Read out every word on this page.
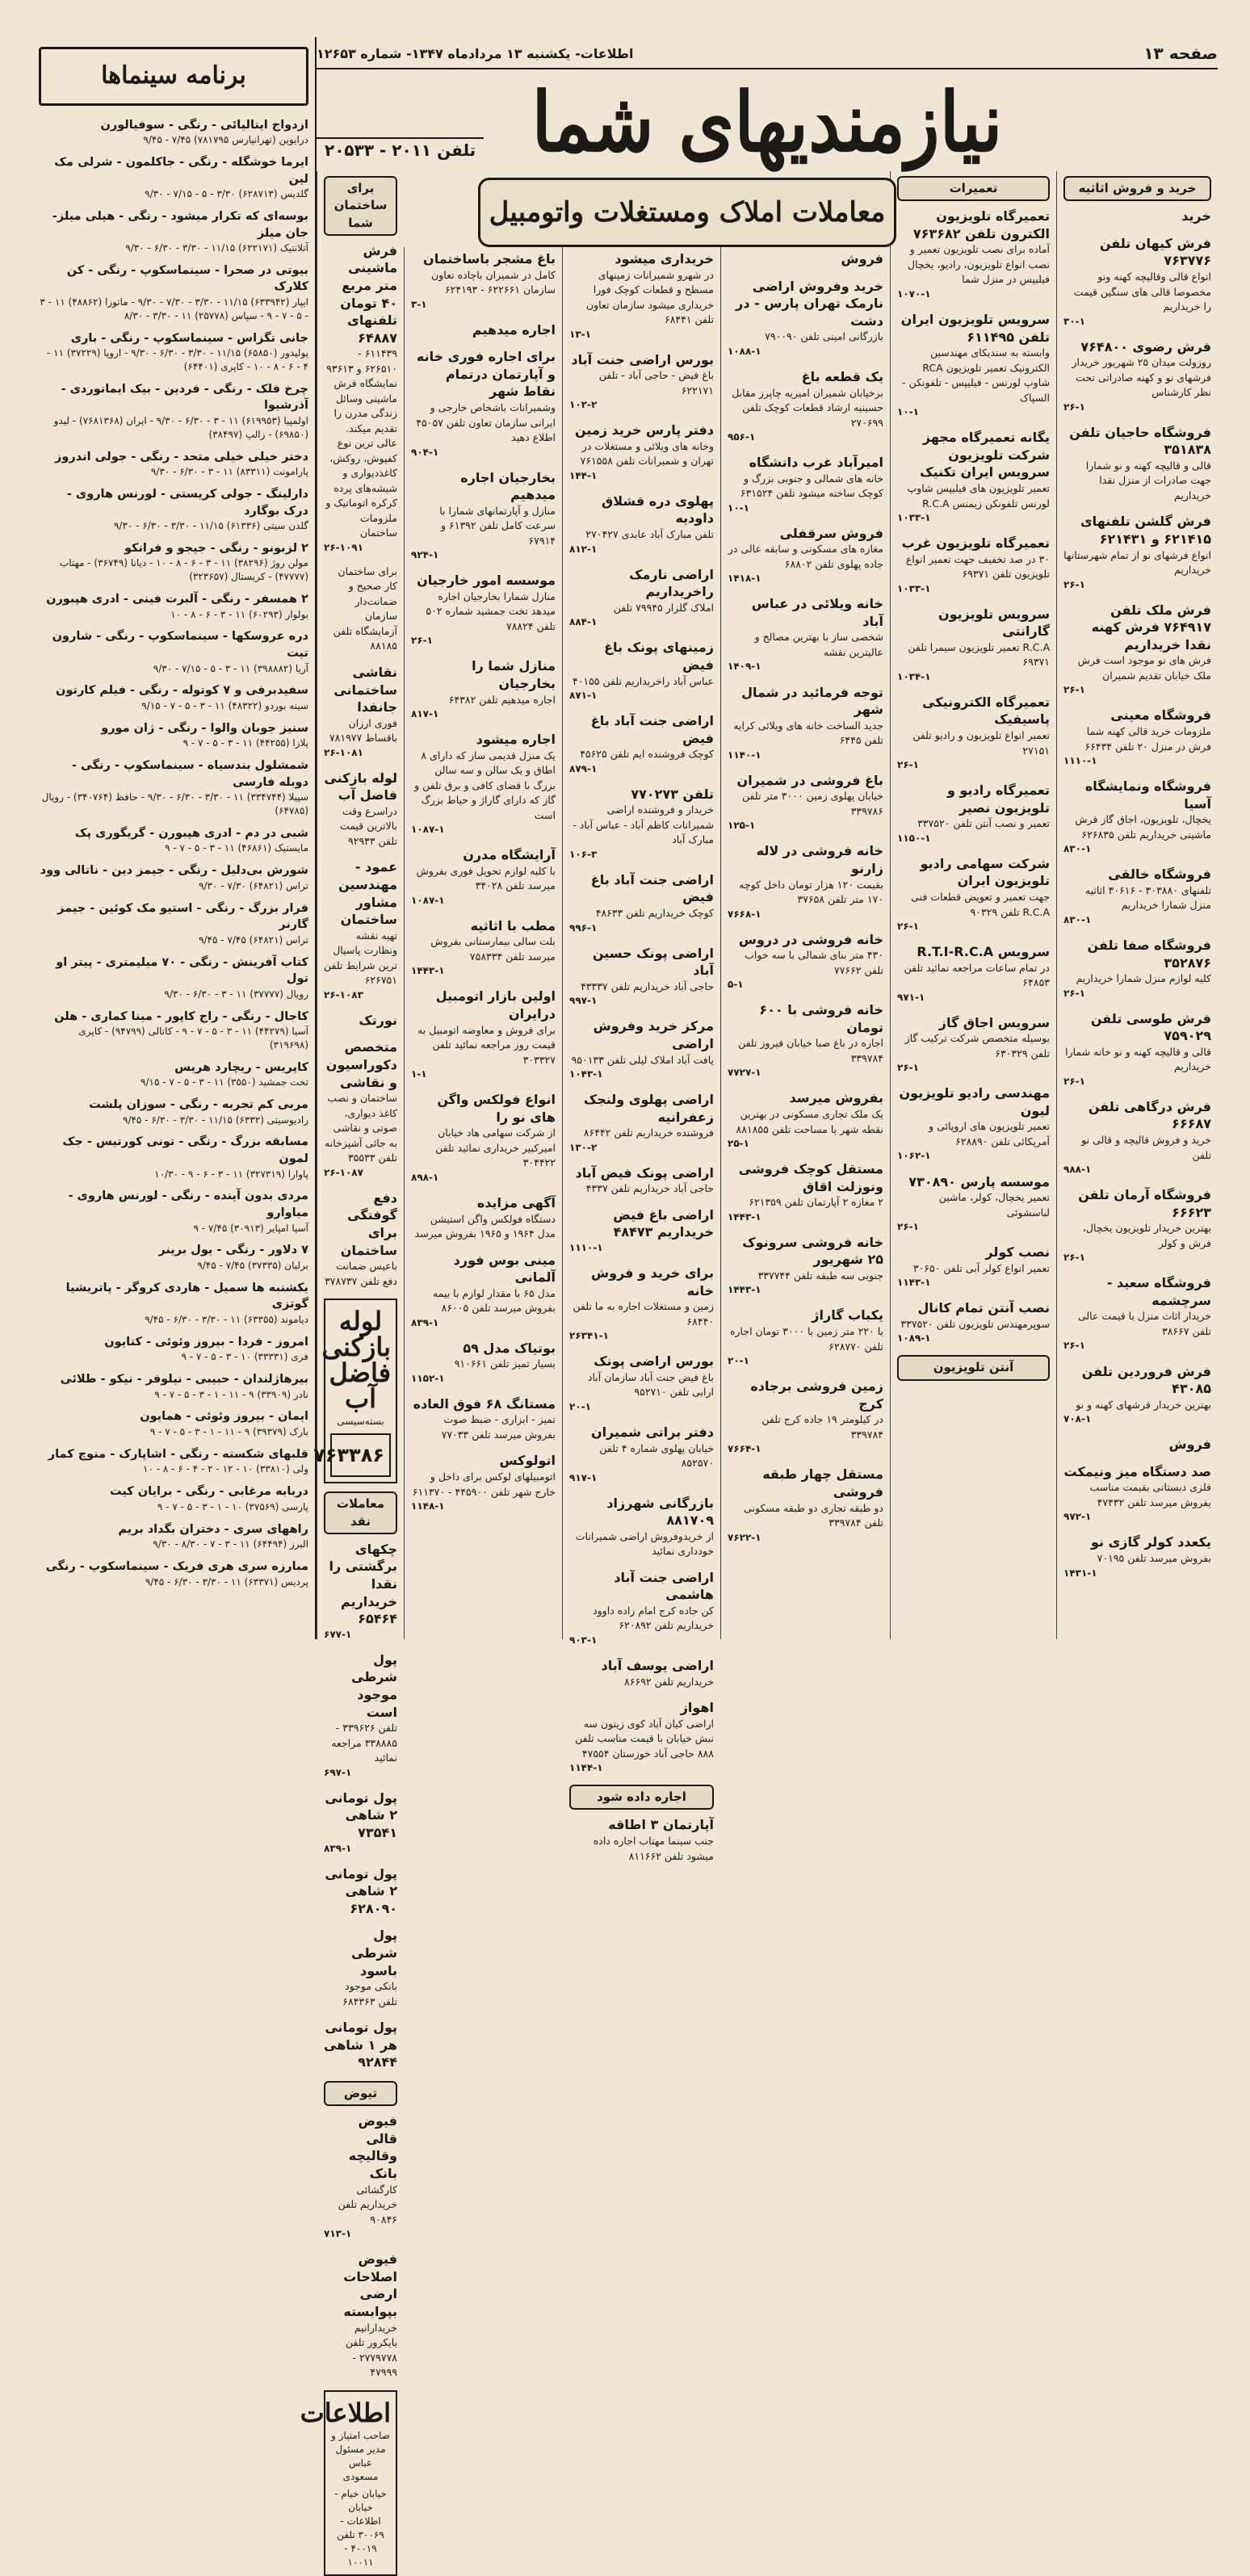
صفحه ۱۳
اطلاعات- یکشنبه ۱۳ مردادماه ۱۳۴۷- شماره ۱۲۶۵۳
نیازمندیهای شما
تلفن ۲۰۱۱ - ۲۰۵۳۳
معاملات املاک ومستغلات واتومبیل
خرید و فروش اثاثیه
خرید
فرش کیهان تلفن ۷۶۳۷۷۶
انواع قالی وقالیچه کهنه ونو مخصوصا قالی های سنگین قیمت را خریداریم
۳۰-۱
فرش رضوی ۷۶۴۸۰۰
روزولت میدان ۲۵ شهریور خریدار فرشهای نو و کهنه صادراتی تحت نظر کارشناس
۲۶-۱
فروشگاه حاجیان تلفن ۳۵۱۸۳۸
قالی و قالیچه کهنه و نو شمارا جهت صادرات از منزل نقدا خریداریم
فرش گلشن تلفنهای ۶۲۱۴۱۵ و ۶۲۱۴۳۱
انواع فرشهای نو از تمام شهرستانها خریداریم
۲۶-۱
فرش ملک تلفن ۷۶۴۹۱۷ فرش کهنه نقدا خریداریم
فرش های نو موجود است فرش ملک خیابان تقدیم شمیران
۲۶-۱
فروشگاه معینی
ملزومات خرید قالی کهنه شما فرش در منزل ۲۰ تلفن ۶۶۴۳۴
۱۱۱۰-۱
فروشگاه ونمایشگاه آسیا
یخچال، تلویزیون، اجاق گاز فرش ماشینی خریداریم تلفن ۶۲۶۸۳۵
۸۳۰-۱
فروشگاه خالقی
تلفنهای ۳۰۳۸۸۰ - ۳۰۶۱۶ اثاثیه منزل شمارا خریداریم
۸۳۰-۱
فروشگاه صفا تلفن ۳۵۲۸۷۶
کلیه لوازم منزل شمارا خریداریم
۲۶-۱
فرش طوسی تلفن ۷۵۹۰۲۹
قالی و قالیچه کهنه و نو خانه شمارا خریداریم
۲۶-۱
فرش درگاهی تلفن ۶۶۶۸۷
خرید و فروش قالیچه و قالی نو تلفن
۹۸۸-۱
فروشگاه آرمان تلفن ۶۶۶۲۳
بهترین خریدار تلویزیون یخچال، فرش و کولر
۲۶-۱
فروشگاه سعید - سرچشمه
خریدار اثاث منزل با قیمت عالی تلفن ۳۸۶۶۷
۲۶-۱
فرش فروردین تلفن ۴۳۰۸۵
بهترین خریدار فرشهای کهنه و نو
۷۰۸-۱
فروش
صد دستگاه میز ونیمکت
فلزی دبستانی بقیمت مناسب بفروش میرسد تلفن ۴۷۴۳۲
۹۷۲-۱
یکعدد کولر گازی نو
بفروش میرسد تلفن ۷۰۱۹۵
۱۴۳۱-۱
تعمیرات
تعمیرگاه تلویزیون الکترون تلفن ۷۶۳۶۸۲
آماده برای نصب تلویزیون تعمیر و نصب انواع تلویزیون، رادیو، یخچال فیلیپس در منزل شما
۱۰۷۰-۱
سرویس تلویزیون ایران تلفن ۶۱۱۴۹۵
وابسته به سندیکای مهندسین الکترونیک تعمیر تلویزیون RCA شاوپ لورنس - فیلیپس - تلفونکن - السپاک
۱۰-۱
یگانه تعمیرگاه مجهز شرکت تلویزیون سرویس ایران تکنیک
تعمیر تلویزیون های فیلیپس شاوپ لورنس تلفونکن زیمنس R.C.A
۱۰۳۳-۱
تعمیرگاه تلویزیون غرب
۳۰ در صد تخفیف جهت تعمیر انواع تلویزیون تلفن ۶۹۳۷۱
۱۰۳۳-۱
سرویس تلویزیون گارانتی
R.C.A تعمیر تلویزیون سیمرا تلفن ۶۹۳۷۱
۱۰۳۴-۱
تعمیرگاه الکترونیکی پاسیفیک
تعمیر انواع تلویزیون و رادیو تلفن ۲۷۱۵۱
۲۶-۱
تعمیرگاه رادیو و تلویزیون نصیر
تعمیر و نصب آنتن تلفن ۳۳۷۵۲۰
۱۱۵۰-۱
شرکت سهامی رادیو تلویزیون ایران
جهت تعمیر و تعویض قطعات فنی R.C.A تلفن ۹۰۳۲۹
۲۶-۱
سرویس R.T.I-R.C.A
در تمام ساعات مراجعه نمائید تلفن ۶۴۸۵۳
۹۷۱-۱
سرویس اجاق گاز
بوسیله متخصص شرکت ترکیب گاز تلفن ۶۳۰۳۲۹
۲۶-۱
مهندسی رادیو تلویزیون لیون
تعمیر تلویزیون های اروپائی و آمریکائی تلفن ۶۲۸۸۹۰
۱۰۶۲-۱
موسسه پارس ۷۳۰۸۹۰
تعمیر یخچال، کولر، ماشین لباسشوئی
۲۶-۱
نصب کولر
تعمیر انواع کولر آبی تلفن ۳۰۶۵۰
۱۱۴۳-۱
نصب آنتن تمام کانال
سوپرمهندس تلویزیون تلفن ۳۳۷۵۲۰
۱۰۸۹-۱
آنتن تلویزیون
فروش
خرید وفروش اراضی نارمک تهران پارس - در دشت
بازرگانی امینی تلفن ۷۹۰۰۹۰
۱۰۸۸-۱
یک قطعه باغ
برخیابان شمیران امیریه چاپرز مقابل حسینیه ارشاد قطعات کوچک تلفن ۲۷۰۶۹۹
۹۵۶-۱
امیرآباد غرب دانشگاه
خانه های شمالی و جنوبی بزرگ و کوچک ساخته میشود تلفن ۶۳۱۵۲۴
۱۰-۱
فروش سرقفلی
مغازه های مسکونی و سابقه عالی در جاده پهلوی تلفن ۶۸۸۰۲
۱۴۱۸-۱
خانه ویلائی در عباس آباد
شخصی ساز با بهترین مصالح و عالیترین نقشه
۱۴۰۹-۱
توجه فرمائید در شمال شهر
جدید الساخت خانه های ویلائی کرایه تلفن ۶۴۴۵
۱۱۴۰-۱
باغ فروشی در شمیران
خیابان پهلوی زمین ۳۰۰۰ متر تلفن ۳۳۹۷۸۶
۱۲۵-۱
خانه فروشی در لاله زارنو
بقیمت ۱۲۰ هزار تومان داخل کوچه ۱۷۰ متر تلفن ۳۷۶۵۸
۷۶۶۸-۱
خانه فروشی در دروس
۴۳۰ متر بنای شمالی با سه خواب تلفن ۷۷۶۶۲
۵-۱
خانه فروشی با ۶۰۰ تومان
اجاره در باغ صبا خیابان فیروز تلفن ۳۳۹۷۸۴
۷۷۲۷-۱
بفروش میرسد
یک ملک تجاری مسکونی در بهترین نقطه شهر با مساحت تلفن ۸۸۱۸۵۵
۲۵-۱
مستقل کوچک فروشی ونوزلت اقاق
۲ مغازه ۲ آپارتمان تلفن ۶۲۱۳۵۹
۱۴۴۳-۱
خانه فروشی سرونوک ۲۵ شهریور
جنوبی سه طبقه تلفن ۳۳۷۷۴۴
۱۴۴۳-۱
یکباب گاراژ
با ۲۲۰ متر زمین با ۳۰۰۰ تومان اجاره تلفن ۶۲۸۷۷۰
۲۰-۱
زمین فروشی برجاده کرج
در کیلومتر ۱۹ جاده کرج تلفن ۳۳۹۷۸۴
۷۶۶۴-۱
مستقل چهار طبقه فروشی
دو طبقه تجاری دو طبقه مسکونی تلفن ۳۳۹۷۸۴
۷۶۲۲-۱
خریداری میشود
در شهرو شمیرانات زمینهای مسطح و قطعات کوچک فورا خریداری میشود سازمان تعاون تلفن ۶۸۴۴۱
۱۳-۱
بورس اراضی جنت آباد
باغ فیض - حاجی آباد - تلفن ۶۲۲۱۷۱
۱۰۲-۲
دفتر پارس خرید زمین
وخانه های ویلائی و مستغلات در تهران و شمیرانات تلفن ۷۶۱۵۵۸
۱۴۴-۱
پهلوی دره قشلاق داودیه
تلفن مبارک آباد عابدی ۲۷۰۴۲۷
۸۱۲-۱
اراضی نارمک راخریداریم
املاک گلزار ۷۹۹۴۵ تلفن
۸۸۴-۱
زمینهای پونک باغ فیض
عباس آباد راخریداریم تلفن ۴۰۱۵۵
۸۷۱-۱
اراضی جنت آباد باغ فیض
کوچک فروشنده ایم تلفن ۴۵۶۲۵
۸۷۹-۱
تلفن ۷۷۰۲۷۳
خریدار و فروشنده اراضی شمیرانات کاظم آباد - عباس آباد - مبارک آباد
۱۰۶-۳
اراضی جنت آباد باغ فیض
کوچک خریداریم تلفن ۴۸۶۳۳
۹۹۶-۱
اراضی پونک حسین آباد
حاجی آباد خریداریم تلفن ۴۳۳۳۷
۹۹۷-۱
مرکز خرید وفروش اراضی
یافت آباد املاک لیلی تلفن ۹۵۰۱۳۳
۱۰۴۳-۱
اراضی پهلوی ولنجک زعفرانیه
فروشنده خریداریم تلفن ۸۶۴۴۲
۱۳۰-۲
اراضی پونک فیض آباد
حاجی آباد خریداریم تلفن ۴۳۳۷
اراضی باغ فیض خریداریم ۴۸۴۷۳
۱۱۱۰-۱
برای خرید و فروش خانه
زمین و مستغلات اجاره به ما تلفن ۶۸۴۴۰
۲۶۳۴۱-۱
بورس اراضی پونک
باغ فیض جنت آباد سازمان آباد ارابی تلفن ۹۵۲۷۱۰
۲۰-۱
دفتر براتی شمیران
خیابان پهلوی شماره ۴ تلفن ۸۵۲۵۷۰
۹۱۷-۱
بازرگانی شهرزاد ۸۸۱۷۰۹
از خریدوفروش اراضی شمیرانات خودداری نمائید
اراضی جنت آباد هاشمی
کن جاده کرج امام زاده داوود خریداریم تلفن ۶۲۰۸۹۲
۹۰۳-۱
اراضی یوسف آباد
خریداریم تلفن ۸۶۶۹۲
اهواز
اراضی کیان آباد کوی زیتون سه نبش خیابان با قیمت مناسب تلفن ۸۸۸ حاجی آباد خوزستان ۴۷۵۵۴
۱۱۴۴-۱
اجاره داده شود
آپارتمان ۳ اطاقه
جنب سینما مهتاب اجاره داده میشود تلفن ۸۱۱۶۶۲
باغ مشجر باساختمان
کامل در شمیران باچاده تعاون سازمان ۶۲۲۶۶۱ - ۶۲۴۱۹۳
۳-۱
اجاره میدهیم
برای اجاره فوری خانه و آپارتمان درتمام نقاط شهر
وشمیرانات باشخاص خارجی و ایرانی سازمان تعاون تلفن ۴۵۰۵۷ اطلاع دهید
۹۰۴-۱
بخارجیان اجاره میدهیم
منازل و آپارتمانهای شمارا با سرعت کامل تلفن ۶۱۳۹۲ و ۶۷۹۱۴
۹۲۴-۱
موسسه امور خارجیان
منازل شمارا بخارجیان اجاره میدهد تخت جمشید شماره ۵۰۲ تلفن ۷۸۸۲۴
۲۶-۱
منازل شما را بخارجیان
اجاره میدهیم تلفن ۶۴۳۸۲
۸۱۷-۱
اجاره میشود
یک منزل قدیمی ساز که دارای ۸ اطاق و یک سالن و سه سالن بزرگ با فضای کافی و برق تلفن و گاز که دارای گاراژ و حیاط بزرگ است
۱۰۸۷-۱
آرایشگاه مدرن
با کلیه لوازم تحویل فوری بفروش میرسد تلفن ۳۴۰۲۸
۱۰۸۷-۱
مطب با اثاثیه
بلت سالی بیمارستانی بفروش میرسد تلفن ۷۵۸۳۳۴
۱۴۴۳-۱
اولین بازار اتومبیل درایران
برای فروش و معاوضه اتومبیل به قیمت روز مراجعه نمائید تلفن ۳۰۳۳۲۷
۱-۱
انواع فولکس واگن های نو را
از شرکت سهامی هاد خیابان امیرکبیر خریداری نمائید تلفن ۳۰۴۴۲۲
۸۹۸-۱
آگهی مزایده
دستگاه فولکس واگن استیشن مدل ۱۹۶۴ و ۱۹۶۵ بفروش میرسد
مینی بوس فورد آلمانی
مدل ۶۵ با مقدار لوازم با بیمه بفروش میرسد تلفن ۸۶۰۰۵
۸۳۹-۱
بوتیاک مدل ۵۹
بسیار تمیز تلفن ۹۱۰۶۶۱
۱۱۵۲-۱
مستانگ ۶۸ فوق العاده
تمیز - ابزاری - ضبط صوت بفروش میرسد تلفن ۷۷۰۳۳
اتولوکس
اتومبیلهای لوکس برای داخل و خارج شهر تلفن ۴۴۵۹۰۰ - ۶۱۱۳۷۰
۱۱۴۸-۱
برای ساختمان شما
فرش ماشینی متر مربع ۴۰ تومان تلفنهای ۶۴۸۸۷
۶۱۱۴۳۹ - ۶۲۶۵۱۰ و ۹۳۶۱۳ نمایشگاه فرش ماشینی وسائل زندگی مدرن را تقدیم میکند. عالی ترین نوع کفپوش، روکش، کاغذدیواری و شیشه‌های پرده کرکره اتوماتیک و ملزومات ساختمان
۲۶-۱۰۹۱
برای ساختمان کار صحیح و ضمانت‌دار سازمان آزمایشگاه تلفن ۸۸۱۸۵
نقاشی ساختمانی جانفدا
فوری ارزان باقساط ۷۸۱۹۷۷
۲۶-۱۰۸۱
لوله بازکنی فاضل آب
دراسرع وقت بالاترین قیمت تلفن ۹۲۹۳۳
عمود - مهندسین مشاور ساختمان
تهیه نقشه ونظارت پاسیال ترین شرایط تلفن ۶۲۶۷۵۱
۲۶-۱۰۸۳
نورتک
متخصص دکوراسیون و نقاشی
ساختمان و نصب کاغذ دیواری، صوتی و نقاشی به جائی آشپزخانه تلفن ۳۵۵۳۳
۲۶-۱۰۸۷
دفع گوفتگی برای ساختمان
باعیس ضمانت دفع تلفن ۳۷۸۷۳۷
لوله بازکنی فاضل آب
بسته‌سیسی
۷۶۳۳۸۶
معاملات نقد
چکهای برگشتی را نقدا خریداریم ۶۵۴۶۴
۶۷۷-۱
پول شرطی موجود است
تلفن ۳۳۹۶۲۶ - ۳۳۸۸۸۵ مراجعه نمائید
۶۹۷-۱
پول تومانی ۲ شاهی ۷۳۵۴۱
۸۳۹-۱
پول تومانی ۲ شاهی ۶۲۸۰۹۰
پول شرطی باسود
بانکی موجود تلفن ۶۸۴۳۶۳
پول تومانی هر ۱ شاهی ۹۲۸۴۴
تیوض
فیوض قالی وقالیچه بانک
کارگشائی خریداریم تلفن ۹۰۸۴۶
۷۱۳-۱
فیوض اصلاحات ارضی بپوابسته
خریدارانیم بایکرور تلفن ۲۷۷۹۷۷۸ - ۴۷۹۹۹
اطلاعات
صاحب امتیاز و مدیر مسئول عباس مسعودی
خیابان خیام - خیابان اطلاعات - ۳۰۰۶۹ تلفن ۴۰۰۱۹ - ۱۰۰۱۱
برنامه سینماها
ازدواج ایتالیائی - رنگی - سوفیالورن
درایوین (تهرانپارس ۷۸۱۷۹۵) ۷/۴۵ - ۹/۴۵
ایرما خوشگله - رنگی - جاکلمون - شرلی مک لین
گلدیس (۶۲۸۷۱۳) ۳/۳۰ - ۵ - ۷/۱۵ - ۹/۳۰
بوسه‌ای که تکرار میشود - رنگی - هیلی میلز- جان میلز
آتلانتیک (۶۲۲۱۷۱) ۱۱/۱۵ - ۳/۳۰ - ۶/۳۰ - ۹/۳۰
بیوتی در صحرا - سینماسکوپ - رنگی - کن کلارک
ایپار (۶۳۳۹۴۲) ۱۱/۱۵ - ۳/۳۰ - ۷/۳۰ - ۹/۳۰ - ماتوزا (۴۸۸۶۲) ۱۱ - ۳ - ۵ - ۷ - ۹ - سپاس (۲۵۷۷۸) ۱۱ - ۳/۳۰ - ۸/۳۰
جانی تگزاس - سینماسکوپ - رنگی - باری
پولیدور (۶۵۸۵۰) ۱۱/۱۵ - ۳/۳۰ - ۶/۳۰ - ۹/۳۰ - اروپا (۳۷۲۲۹) ۱۱ - ۴ - ۶ - ۸ - ۱۰ - کاپری (۶۴۴۰۱)
چرخ فلک - رنگی - فردین - بیک ایمانوردی - آذرشیوا
اولمپیا (۶۱۹۹۵۳) ۱۱ - ۳ - ۶/۳۰ - ۹/۳۰ - ایران (۷۶۸۱۳۶۸) - لیدو (۶۹۸۵۰) - زالپ (۳۸۴۹۷)
دختر خیلی خیلی متحد - رنگی - جولی اندروز
پارامونت (۸۳۳۱۱) ۱۱ - ۳ - ۶/۳۰ - ۹/۳۰
دارلینگ - جولی کریستی - لورنس هاروی - درک بوگارد
گلدن سیتی (۶۱۳۳۶) ۱۱/۱۵ - ۳/۳۰ - ۶/۳۰ - ۹/۳۰
۲ لزبونو - رنگی - جیجو و فرانکو
مولن روژ (۳۸۲۹۶) ۱۱ - ۳ - ۶ - ۸ - ۱۰ - دیانا (۳۶۷۴۹) - مهتاب (۴۷۷۷۷) - کریستال (۳۲۳۶۵۷)
۲ همسفر - رنگی - آلبرت فینی - ادری هپبورن
بولوار (۶۰۲۹۳) ۱۱ - ۳ - ۶ - ۸ - ۱۰
دره عروسکها - سینماسکوپ - رنگی - شارون تیت
آریا (۳۹۸۸۸۲) ۱۱ - ۳ - ۵ - ۷/۱۵ - ۹/۳۰
سفیدبرفی و ۷ کوتوله - رنگی - فیلم کارتون
سینه بوردو (۴۸۳۲۲) ۱۱ - ۳ - ۵ - ۷ - ۹/۱۵
سنیز جوبان والوا - رنگی - ژان مورو
پلازا (۴۴۲۵۵) ۱۱ - ۳ - ۵ - ۷ - ۹
شمشلول بندسیاه - سینماسکوپ - رنگی - دوبله فارسی
سپیلا (۳۳۴۷۴۴) ۱۱ - ۳/۳۰ - ۶/۳۰ - ۹/۳۰ - حافظ (۳۴۰۷۶۴) - رویال (۶۴۷۸۵)
شبی در دم - ادری هپبورن - گریگوری پک
مایستیک (۴۶۸۶۱) ۱۱ - ۳ - ۵ - ۷ - ۹
شورش بی‌دلیل - رنگی - جیمز دین - ناتالی وود
تراس (۶۴۸۲۱) ۷/۳۰ - ۹/۳۰
فرار بزرگ - رنگی - استیو مک کوئین - جیمز گارنر
تراس (۶۴۸۲۱) ۷/۴۵ - ۹/۴۵
کتاب آفرینش - رنگی - ۷۰ میلیمتری - پیتر او تول
رویال (۳۷۷۷۷) ۱۱ - ۳ - ۶/۳۰ - ۹/۳۰
کاجال - رنگی - راج کاپور - مینا کماری - هلن
آسیا (۴۴۲۷۹) ۱۱ - ۳ - ۵ - ۷ - ۹ - کاتالی (۹۴۷۹۹) - کاپری (۳۱۹۶۹۸)
کاپریس - ریچارد هریس
تخت جمشید (۳۵۵۰) ۱۱ - ۳ - ۵ - ۷ - ۹/۱۵
مربی کم تجربه - رنگی - سوزان پلشت
رادیوسیتی (۶۳۳۲) ۱۱/۱۵ - ۳/۳۰ - ۶/۳۰ - ۹/۴۵
مسابقه بزرگ - رنگی - تونی کورتیس - جک لمون
پاوارا (۳۲۷۳۱۹) ۱۱ - ۳ - ۶ - ۹ - ۱۰/۳۰
مردی بدون آینده - رنگی - لورنس هاروی - میاوارو
آسیا امپایر (۳۰۹۱۳) ۷/۴۵ - ۹
۷ دلاور - رنگی - یول برینر
برلیان (۳۷۳۳۵) ۷/۴۵ - ۹/۴۵
یکشنبه ها سمیل - هاردی کروگر - پاتریشیا گوتزی
دیاموند (۶۳۳۵۵) ۱۱ - ۳/۳۰ - ۶/۳۰ - ۹/۴۵
امروز - فردا - بیروز وئوئی - کتایون
فری (۳۳۳۳۱) ۱۰ - ۳ - ۵ - ۷ - ۹
بیرهاژلندان - حبیبی - نیلوفر - نیکو - طلائی
نادر (۳۳۹۰۹) ۹ - ۱۱ - ۱ - ۳ - ۵ - ۷ - ۹
ایمان - بیروز وئوئی - همایون
بارک (۳۹۳۷۹) ۹ - ۱۱ - ۱ - ۳ - ۵ - ۷ - ۹
قلبهای شکسته - رنگی - اشاپارک - منوچ کمار
ولی (۳۳۸۱۰) ۱۰ - ۱۲ - ۲ - ۴ - ۶ - ۸ - ۱۰
دربابه مرغابی - رنگی - برایان کیت
پارسی (۳۷۵۶۹) ۱۰ - ۱ - ۳ - ۵ - ۷ - ۹
راههای سری - دختران بگداد بریم
البرز (۶۴۴۹۴) ۱۱ - ۳ - ۷ - ۸/۳۰ - ۹/۳۰
مبارزه سری هری فریک - سینماسکوپ - رنگی
پردیس (۶۳۳۷۱) ۱۱ - ۳/۳۰ - ۶/۳۰ - ۹/۴۵
